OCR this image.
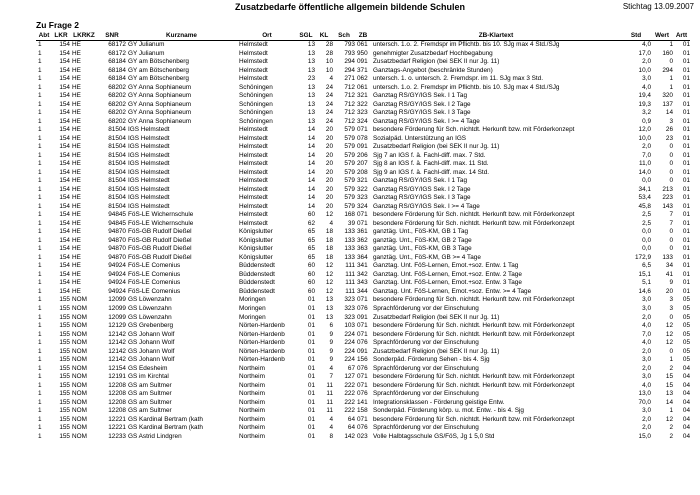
Zusatzbedarfe öffentliche allgemein bildende Schulen	Stichtag 13.09.2007
Zu Frage 2
Abt	LKR	LKRKZ	SNR	Kurzname	Ort	SGL	KL	Sch	ZB	ZB-Klartext	Std	Wert	Artt
1	154	HE	68172	GY Julianum	Helmstedt	13	28	793	061	untersch. 1.o. 2. Fremdspr im Pflichtb. bis 10. SJg max 4 Std./SJg	4,0	1	01
1	154	HE	68172	GY Julianum	Helmstedt	13	28	793	950	genehmigter Zusatzbedarf Hochbegabung	17,0	160	01
1	154	HE	68184	GY am Bötschenberg	Helmstedt	13	10	294	091	Zusatzbedarf Religion (bei SEK II nur Jg. 11)	2,0	0	01
1	154	HE	68184	GY am Bötschenberg	Helmstedt	13	10	294	371	Ganztags-Angebot (beschränkte Stunden)	10,0	294	01
1	154	HE	68184	GY am Bötschenberg	Helmstedt	23	4	271	062	untersch. 1. o. untersch. 2. Fremdspr. im 11. SJg max 3 Std.	3,0	1	01
1	154	HE	68202	GY Anna Sophianeum	Schöningen	13	24	712	061	untersch. 1.o. 2. Fremdspr im Pflichtb. bis 10. SJg max 4 Std./SJg	4,0	1	01
1	154	HE	68202	GY Anna Sophianeum	Schöningen	13	24	712	321	Ganztag RS/GY/IGS Sek. I 1 Tag	19,4	320	01
1	154	HE	68202	GY Anna Sophianeum	Schöningen	13	24	712	322	Ganztag RS/GY/IGS Sek. I 2 Tage	19,3	137	01
1	154	HE	68202	GY Anna Sophianeum	Schöningen	13	24	712	323	Ganztag RS/GY/IGS Sek. I 3 Tage	3,2	14	01
1	154	HE	68202	GY Anna Sophianeum	Schöningen	13	24	712	324	Ganztag RS/GY/IGS Sek. I >= 4 Tage	0,9	3	01
1	154	HE	81504	IGS Helmstedt	Helmstedt	14	20	579	071	besondere Förderung für Sch. nichtdt. Herkunft bzw. mit Förderkonzept	12,0	26	01
1	154	HE	81504	IGS Helmstedt	Helmstedt	14	20	579	078	Sozialpäd. Unterstützung an IGS	10,0	23	01
1	154	HE	81504	IGS Helmstedt	Helmstedt	14	20	579	091	Zusatzbedarf Religion (bei SEK II nur Jg. 11)	2,0	0	01
1	154	HE	81504	IGS Helmstedt	Helmstedt	14	20	579	206	Sjg 7 an IGS f. ä. Fachl-diff. max. 7 Std.	7,0	0	01
1	154	HE	81504	IGS Helmstedt	Helmstedt	14	20	579	207	Sjg 8 an IGS f. ä. Fachl-diff. max. 11 Std.	11,0	0	01
1	154	HE	81504	IGS Helmstedt	Helmstedt	14	20	579	208	Sjg 9 an IGS f. ä. Fachl-diff. max. 14 Std.	14,0	0	01
1	154	HE	81504	IGS Helmstedt	Helmstedt	14	20	579	321	Ganztag RS/GY/IGS Sek. I 1 Tag	0,0	0	01
1	154	HE	81504	IGS Helmstedt	Helmstedt	14	20	579	322	Ganztag RS/GY/IGS Sek. I 2 Tage	34,1	213	01
1	154	HE	81504	IGS Helmstedt	Helmstedt	14	20	579	323	Ganztag RS/GY/IGS Sek. I 3 Tage	53,4	223	01
1	154	HE	81504	IGS Helmstedt	Helmstedt	14	20	579	324	Ganztag RS/GY/IGS Sek. I >= 4 Tage	45,8	143	01
1	154	HE	94845	FöS-LE Wichernschule	Helmstedt	60	12	168	071	besondere Förderung für Sch. nichtdt. Herkunft bzw. mit Förderkonzept	2,5	7	01
1	154	HE	94845	FöS-LE Wichernschule	Helmstedt	62	4	39	071	besondere Förderung für Sch. nichtdt. Herkunft bzw. mit Förderkonzept	2,5	7	01
1	154	HE	94870	FöS-GB Rudolf Dießel	Königslutter	65	18	133	361	ganztäg. Unt., FöS-KM, GB 1 Tag	0,0	0	01
1	154	HE	94870	FöS-GB Rudolf Dießel	Königslutter	65	18	133	362	ganztäg. Unt., FöS-KM, GB 2 Tage	0,0	0	01
1	154	HE	94870	FöS-GB Rudolf Dießel	Königslutter	65	18	133	363	ganztäg. Unt., FöS-KM, GB 3 Tage	0,0	0	01
1	154	HE	94870	FöS-GB Rudolf Dießel	Königslutter	65	18	133	364	ganztäg. Unt., FöS-KM, GB >= 4 Tage	172,9	133	01
1	154	HE	94924	FöS-LE Comenius	Büddenstedt	60	12	111	341	Ganztag. Unt. FöS-Lernen, Emot.+soz. Entw. 1 Tag	6,5	34	01
1	154	HE	94924	FöS-LE Comenius	Büddenstedt	60	12	111	342	Ganztag. Unt. FöS-Lernen, Emot.+soz. Entw. 2 Tage	15,1	41	01
1	154	HE	94924	FöS-LE Comenius	Büddenstedt	60	12	111	343	Ganztag. Unt. FöS-Lernen, Emot.+soz. Entw. 3 Tage	5,1	9	01
1	154	HE	94924	FöS-LE Comenius	Büddenstedt	60	12	111	344	Ganztag. Unt. FöS-Lernen, Emot.+soz. Entw. >= 4 Tage	14,6	20	01
1	155	NOM	12099	GS Löwenzahn	Moringen	01	13	323	071	besondere Förderung für Sch. nichtdt. Herkunft bzw. mit Förderkonzept	3,0	3	05
1	155	NOM	12099	GS Löwenzahn	Moringen	01	13	323	076	Sprachförderung vor der Einschulung	3,0	3	05
1	155	NOM	12099	GS Löwenzahn	Moringen	01	13	323	091	Zusatzbedarf Religion (bei SEK II nur Jg. 11)	2,0	0	05
1	155	NOM	12129	GS Grebenberg	Nörten-Hardenb	01	6	103	071	besondere Förderung für Sch. nichtdt. Herkunft bzw. mit Förderkonzept	4,0	12	05
1	155	NOM	12142	GS Johann Wolf	Nörten-Hardenb	01	9	224	071	besondere Förderung für Sch. nichtdt. Herkunft bzw. mit Förderkonzept	7,0	12	05
1	155	NOM	12142	GS Johann Wolf	Nörten-Hardenb	01	9	224	076	Sprachförderung vor der Einschulung	4,0	12	05
1	155	NOM	12142	GS Johann Wolf	Nörten-Hardenb	01	9	224	091	Zusatzbedarf Religion (bei SEK II nur Jg. 11)	2,0	0	05
1	155	NOM	12142	GS Johann Wolf	Nörten-Hardenb	01	9	224	156	Sonderpäd. Förderung Sehen - bis 4. Sjg	3,0	1	05
1	155	NOM	12154	GS Edesheim	Northeim	01	4	67	076	Sprachförderung vor der Einschulung	2,0	2	04
1	155	NOM	12191	GS im Kirchtal	Northeim	01	7	127	071	besondere Förderung für Sch. nichtdt. Herkunft bzw. mit Förderkonzept	3,0	15	04
1	155	NOM	12208	GS am Sultmer	Northeim	01	11	222	071	besondere Förderung für Sch. nichtdt. Herkunft bzw. mit Förderkonzept	4,0	15	04
1	155	NOM	12208	GS am Sultmer	Northeim	01	11	222	076	Sprachförderung vor der Einschulung	13,0	13	04
1	155	NOM	12208	GS am Sultmer	Northeim	01	11	222	141	Integrationsklassen - Förderung geistige Entw.	70,0	14	04
1	155	NOM	12208	GS am Sultmer	Northeim	01	11	222	158	Sonderpäd. Förderung körp. u. mot. Entw. - bis 4. Sjg	3,0	1	04
1	155	NOM	12221	GS Kardinal Bertram (kath	Northeim	01	4	64	071	besondere Förderung für Sch. nichtdt. Herkunft bzw. mit Förderkonzept	2,0	12	04
1	155	NOM	12221	GS Kardinal Bertram (kath	Northeim	01	4	64	076	Sprachförderung vor der Einschulung	2,0	2	04
1	155	NOM	12233	GS Astrid Lindgren	Northeim	01	8	142	023	Volle Halbtagsschule GS/FöS, Jg 1 5,0 Std	15,0	2	04
